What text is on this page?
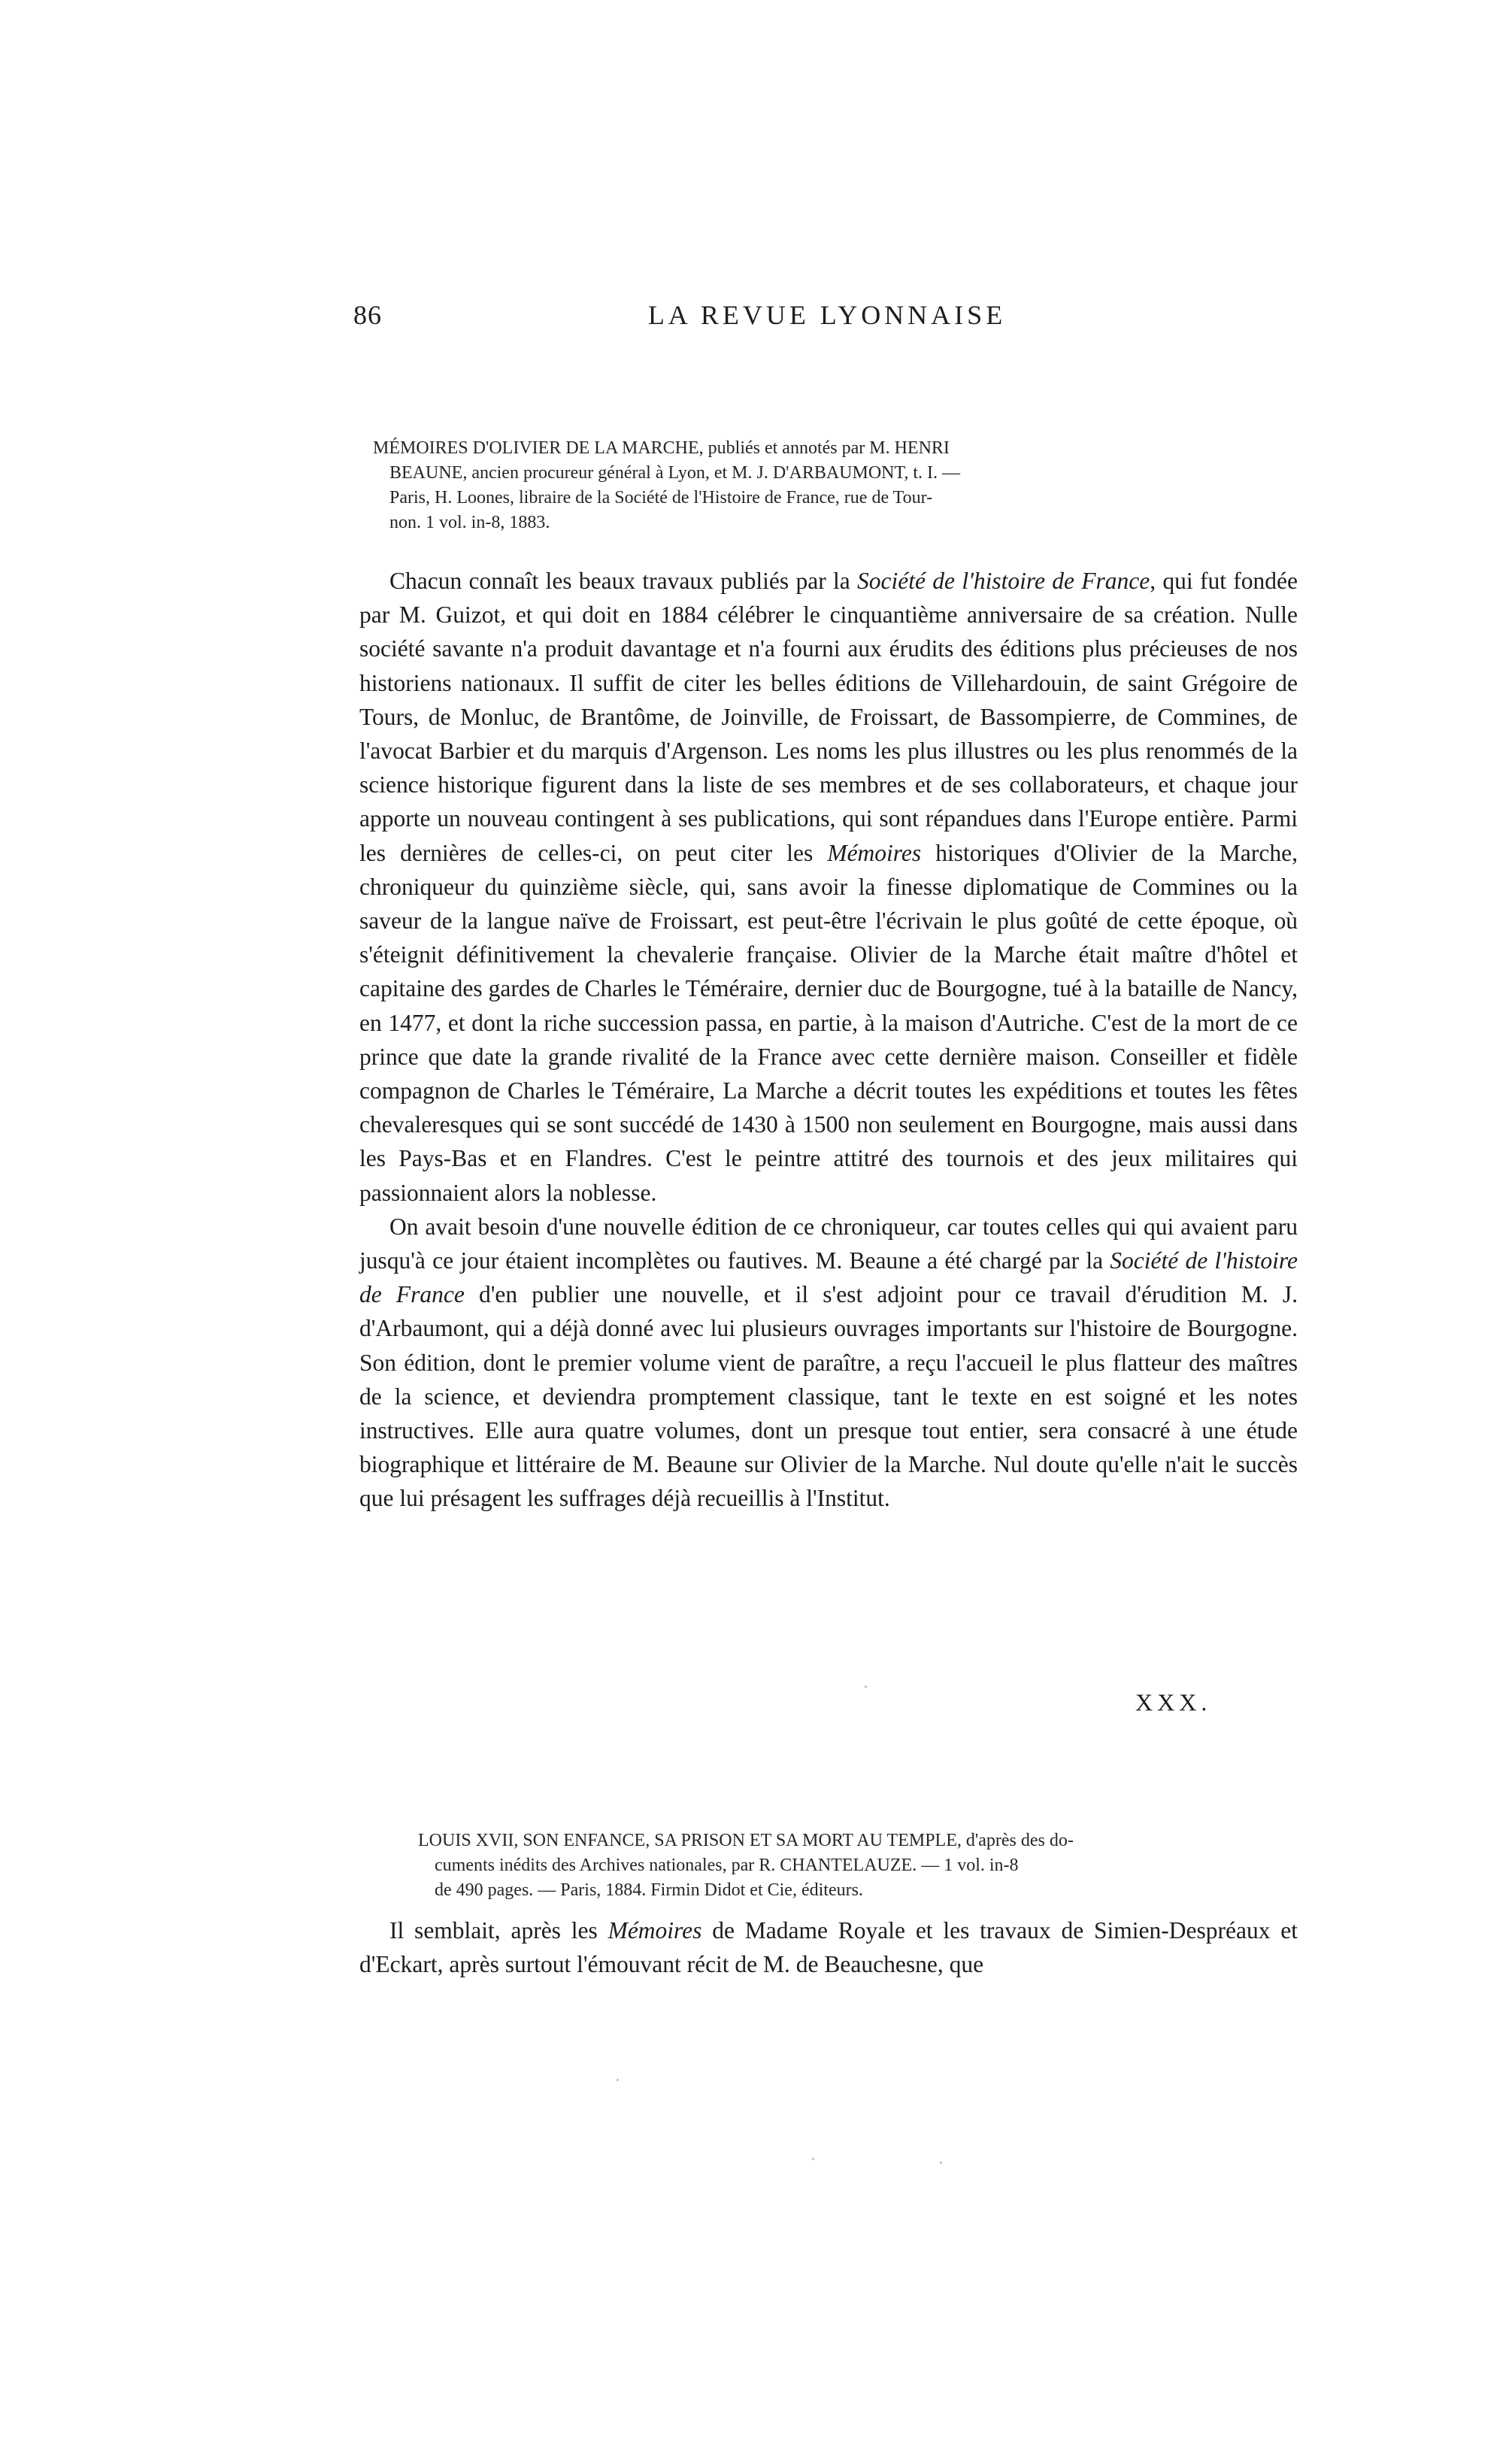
86	LA REVUE LYONNAISE
MÉMOIRES D'OLIVIER DE LA MARCHE, publiés et annotés par M. HENRI
BEAUNE, ancien procureur général à Lyon, et M. J. D'ARBAUMONT, t. I. —
Paris, H. Loones, libraire de la Société de l'Histoire de France, rue de Tour-
non. 1 vol. in-8, 1883.

Chacun connaît les beaux travaux publiés par la Société de l'histoire de France, qui fut fondée par M. Guizot, et qui doit en 1884 célébrer le cinquantième anniversaire de sa création. Nulle société savante n'a produit davantage et n'a fourni aux érudits des éditions plus précieuses de nos historiens nationaux. Il suffit de citer les belles éditions de Villehardouin, de saint Grégoire de Tours, de Monluc, de Brantôme, de Joinville, de Froissart, de Bassompierre, de Commines, de l'avocat Barbier et du marquis d'Argenson. Les noms les plus illustres ou les plus renommés de la science historique figurent dans la liste de ses membres et de ses collaborateurs, et chaque jour apporte un nouveau contingent à ses publications, qui sont répandues dans l'Europe entière. Parmi les dernières de celles-ci, on peut citer les Mémoires historiques d'Olivier de la Marche, chroniqueur du quinzième siècle, qui, sans avoir la finesse diplomatique de Commines ou la saveur de la langue naïve de Froissart, est peut-être l'écrivain le plus goûté de cette époque, où s'éteignit définitivement la chevalerie française. Olivier de la Marche était maître d'hôtel et capitaine des gardes de Charles le Téméraire, dernier duc de Bourgogne, tué à la bataille de Nancy, en 1477, et dont la riche succession passa, en partie, à la maison d'Autriche. C'est de la mort de ce prince que date la grande rivalité de la France avec cette dernière maison. Conseiller et fidèle compagnon de Charles le Téméraire, La Marche a décrit toutes les expéditions et toutes les fêtes chevaleresques qui se sont succédé de 1430 à 1500 non seulement en Bourgogne, mais aussi dans les Pays-Bas et en Flandres. C'est le peintre attitré des tournois et des jeux militaires qui passionnaient alors la noblesse.

On avait besoin d'une nouvelle édition de ce chroniqueur, car toutes celles qui qui avaient paru jusqu'à ce jour étaient incomplètes ou fautives. M. Beaune a été chargé par la Société de l'histoire de France d'en publier une nouvelle, et il s'est adjoint pour ce travail d'érudition M. J. d'Arbaumont, qui a déjà donné avec lui plusieurs ouvrages importants sur l'histoire de Bourgogne. Son édition, dont le premier volume vient de paraître, a reçu l'accueil le plus flatteur des maîtres de la science, et deviendra promptement classique, tant le texte en est soigné et les notes instructives. Elle aura quatre volumes, dont un presque tout entier, sera consacré à une étude biographique et littéraire de M. Beaune sur Olivier de la Marche. Nul doute qu'elle n'ait le succès que lui présagent les suffrages déjà recueillis à l'Institut.

XXX.
LOUIS XVII, SON ENFANCE, SA PRISON ET SA MORT AU TEMPLE, d'après des do-
cuments inédits des Archives nationales, par R. CHANTELAUZE. — 1 vol. in-8
de 490 pages. — Paris, 1884. Firmin Didot et Cie, éditeurs.

Il semblait, après les Mémoires de Madame Royale et les travaux de Simien-Despréaux et d'Eckart, après surtout l'émouvant récit de M. de Beauchesne, que
